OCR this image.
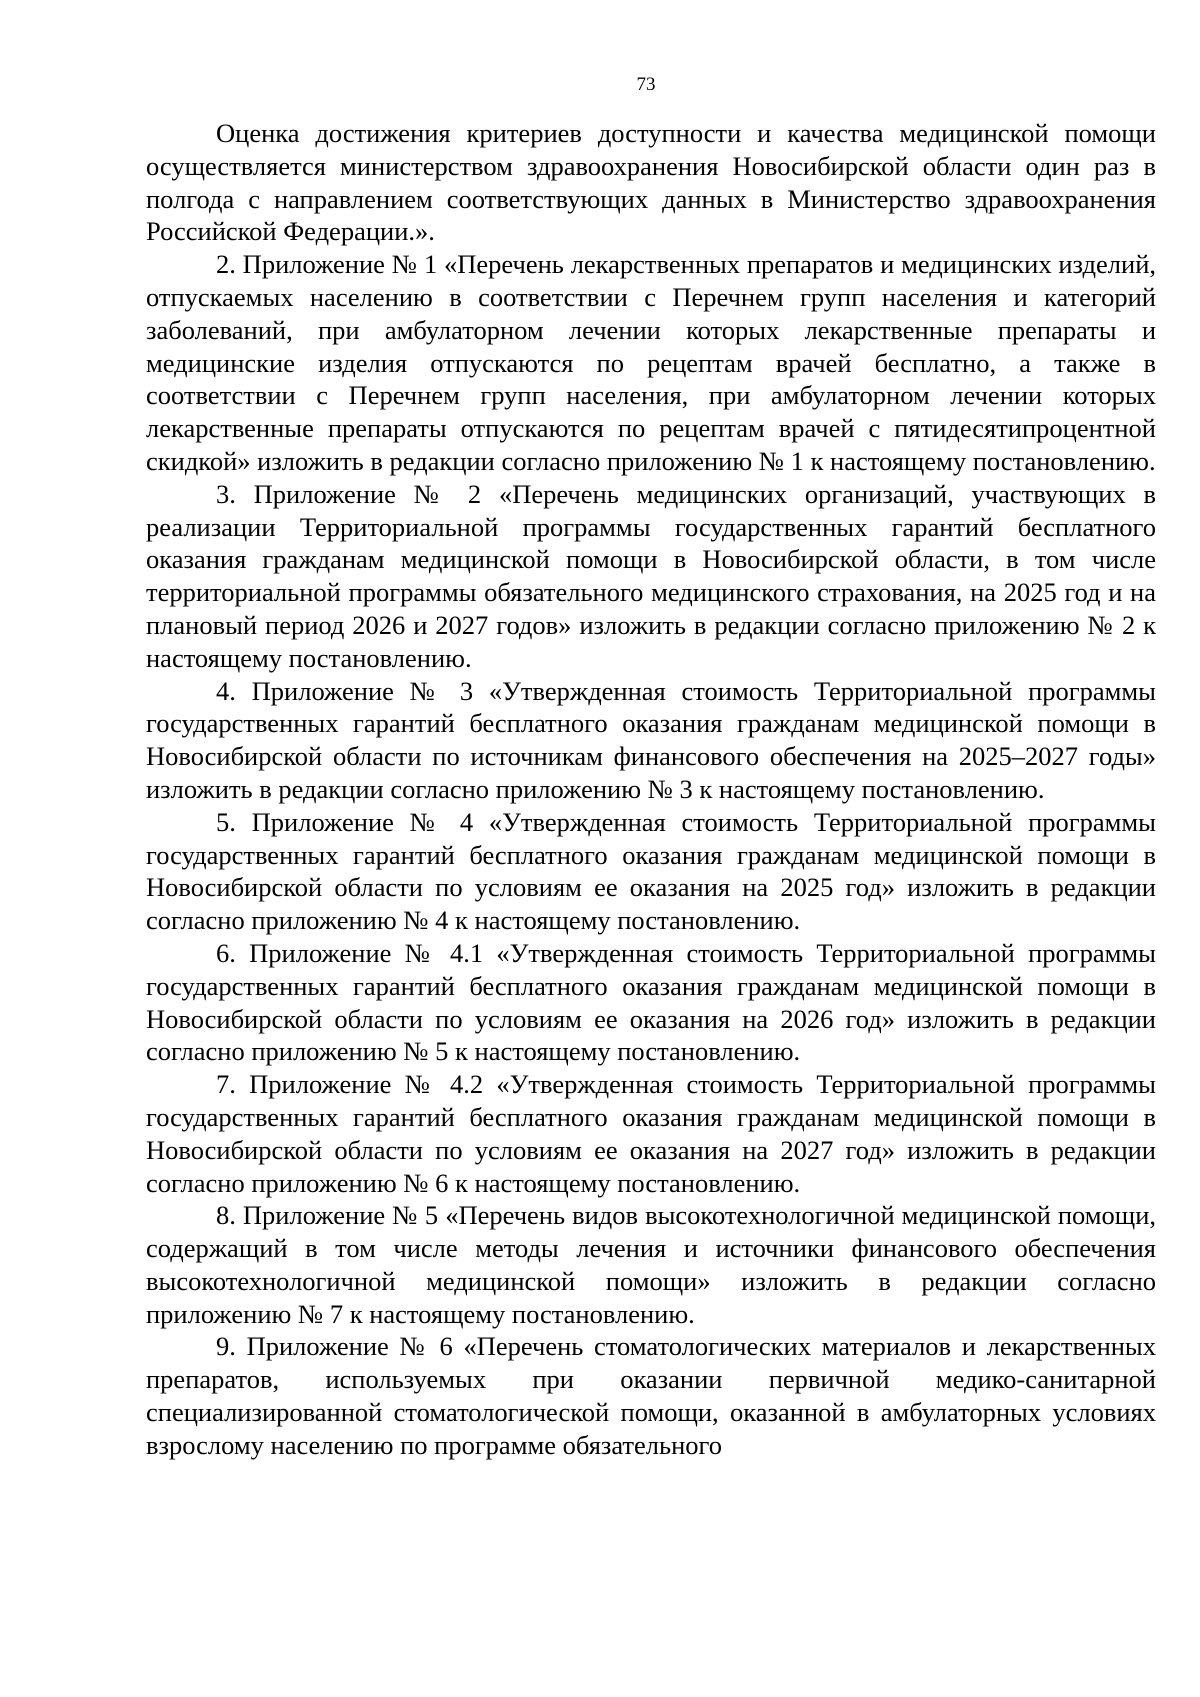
73

Оценка достижения критериев доступности и качества медицинской помощи осуществляется министерством здравоохранения Новосибирской области один раз в полгода с направлением соответствующих данных в Министерство здравоохранения Российской Федерации.».

2. Приложение № 1 «Перечень лекарственных препаратов и медицинских изделий, отпускаемых населению в соответствии с Перечнем групп населения и категорий заболеваний, при амбулаторном лечении которых лекарственные препараты и медицинские изделия отпускаются по рецептам врачей бесплатно, а также в соответствии с Перечнем групп населения, при амбулаторном лечении которых лекарственные препараты отпускаются по рецептам врачей с пятидесятипроцентной скидкой» изложить в редакции согласно приложению № 1 к настоящему постановлению.

3. Приложение № 2 «Перечень медицинских организаций, участвующих в реализации Территориальной программы государственных гарантий бесплатного оказания гражданам медицинской помощи в Новосибирской области, в том числе территориальной программы обязательного медицинского страхования, на 2025 год и на плановый период 2026 и 2027 годов» изложить в редакции согласно приложению № 2 к настоящему постановлению.

4. Приложение № 3 «Утвержденная стоимость Территориальной программы государственных гарантий бесплатного оказания гражданам медицинской помощи в Новосибирской области по источникам финансового обеспечения на 2025–2027 годы» изложить в редакции согласно приложению № 3 к настоящему постановлению.

5. Приложение № 4 «Утвержденная стоимость Территориальной программы государственных гарантий бесплатного оказания гражданам медицинской помощи в Новосибирской области по условиям ее оказания на 2025 год» изложить в редакции согласно приложению № 4 к настоящему постановлению.

6. Приложение № 4.1 «Утвержденная стоимость Территориальной программы государственных гарантий бесплатного оказания гражданам медицинской помощи в Новосибирской области по условиям ее оказания на 2026 год» изложить в редакции согласно приложению № 5 к настоящему постановлению.

7. Приложение № 4.2 «Утвержденная стоимость Территориальной программы государственных гарантий бесплатного оказания гражданам медицинской помощи в Новосибирской области по условиям ее оказания на 2027 год» изложить в редакции согласно приложению № 6 к настоящему постановлению.

8. Приложение № 5 «Перечень видов высокотехнологичной медицинской помощи, содержащий в том числе методы лечения и источники финансового обеспечения высокотехнологичной медицинской помощи» изложить в редакции согласно приложению № 7 к настоящему постановлению.

9. Приложение № 6 «Перечень стоматологических материалов и лекарственных препаратов, используемых при оказании первичной медико-санитарной специализированной стоматологической помощи, оказанной в амбулаторных условиях взрослому населению по программе обязательного
